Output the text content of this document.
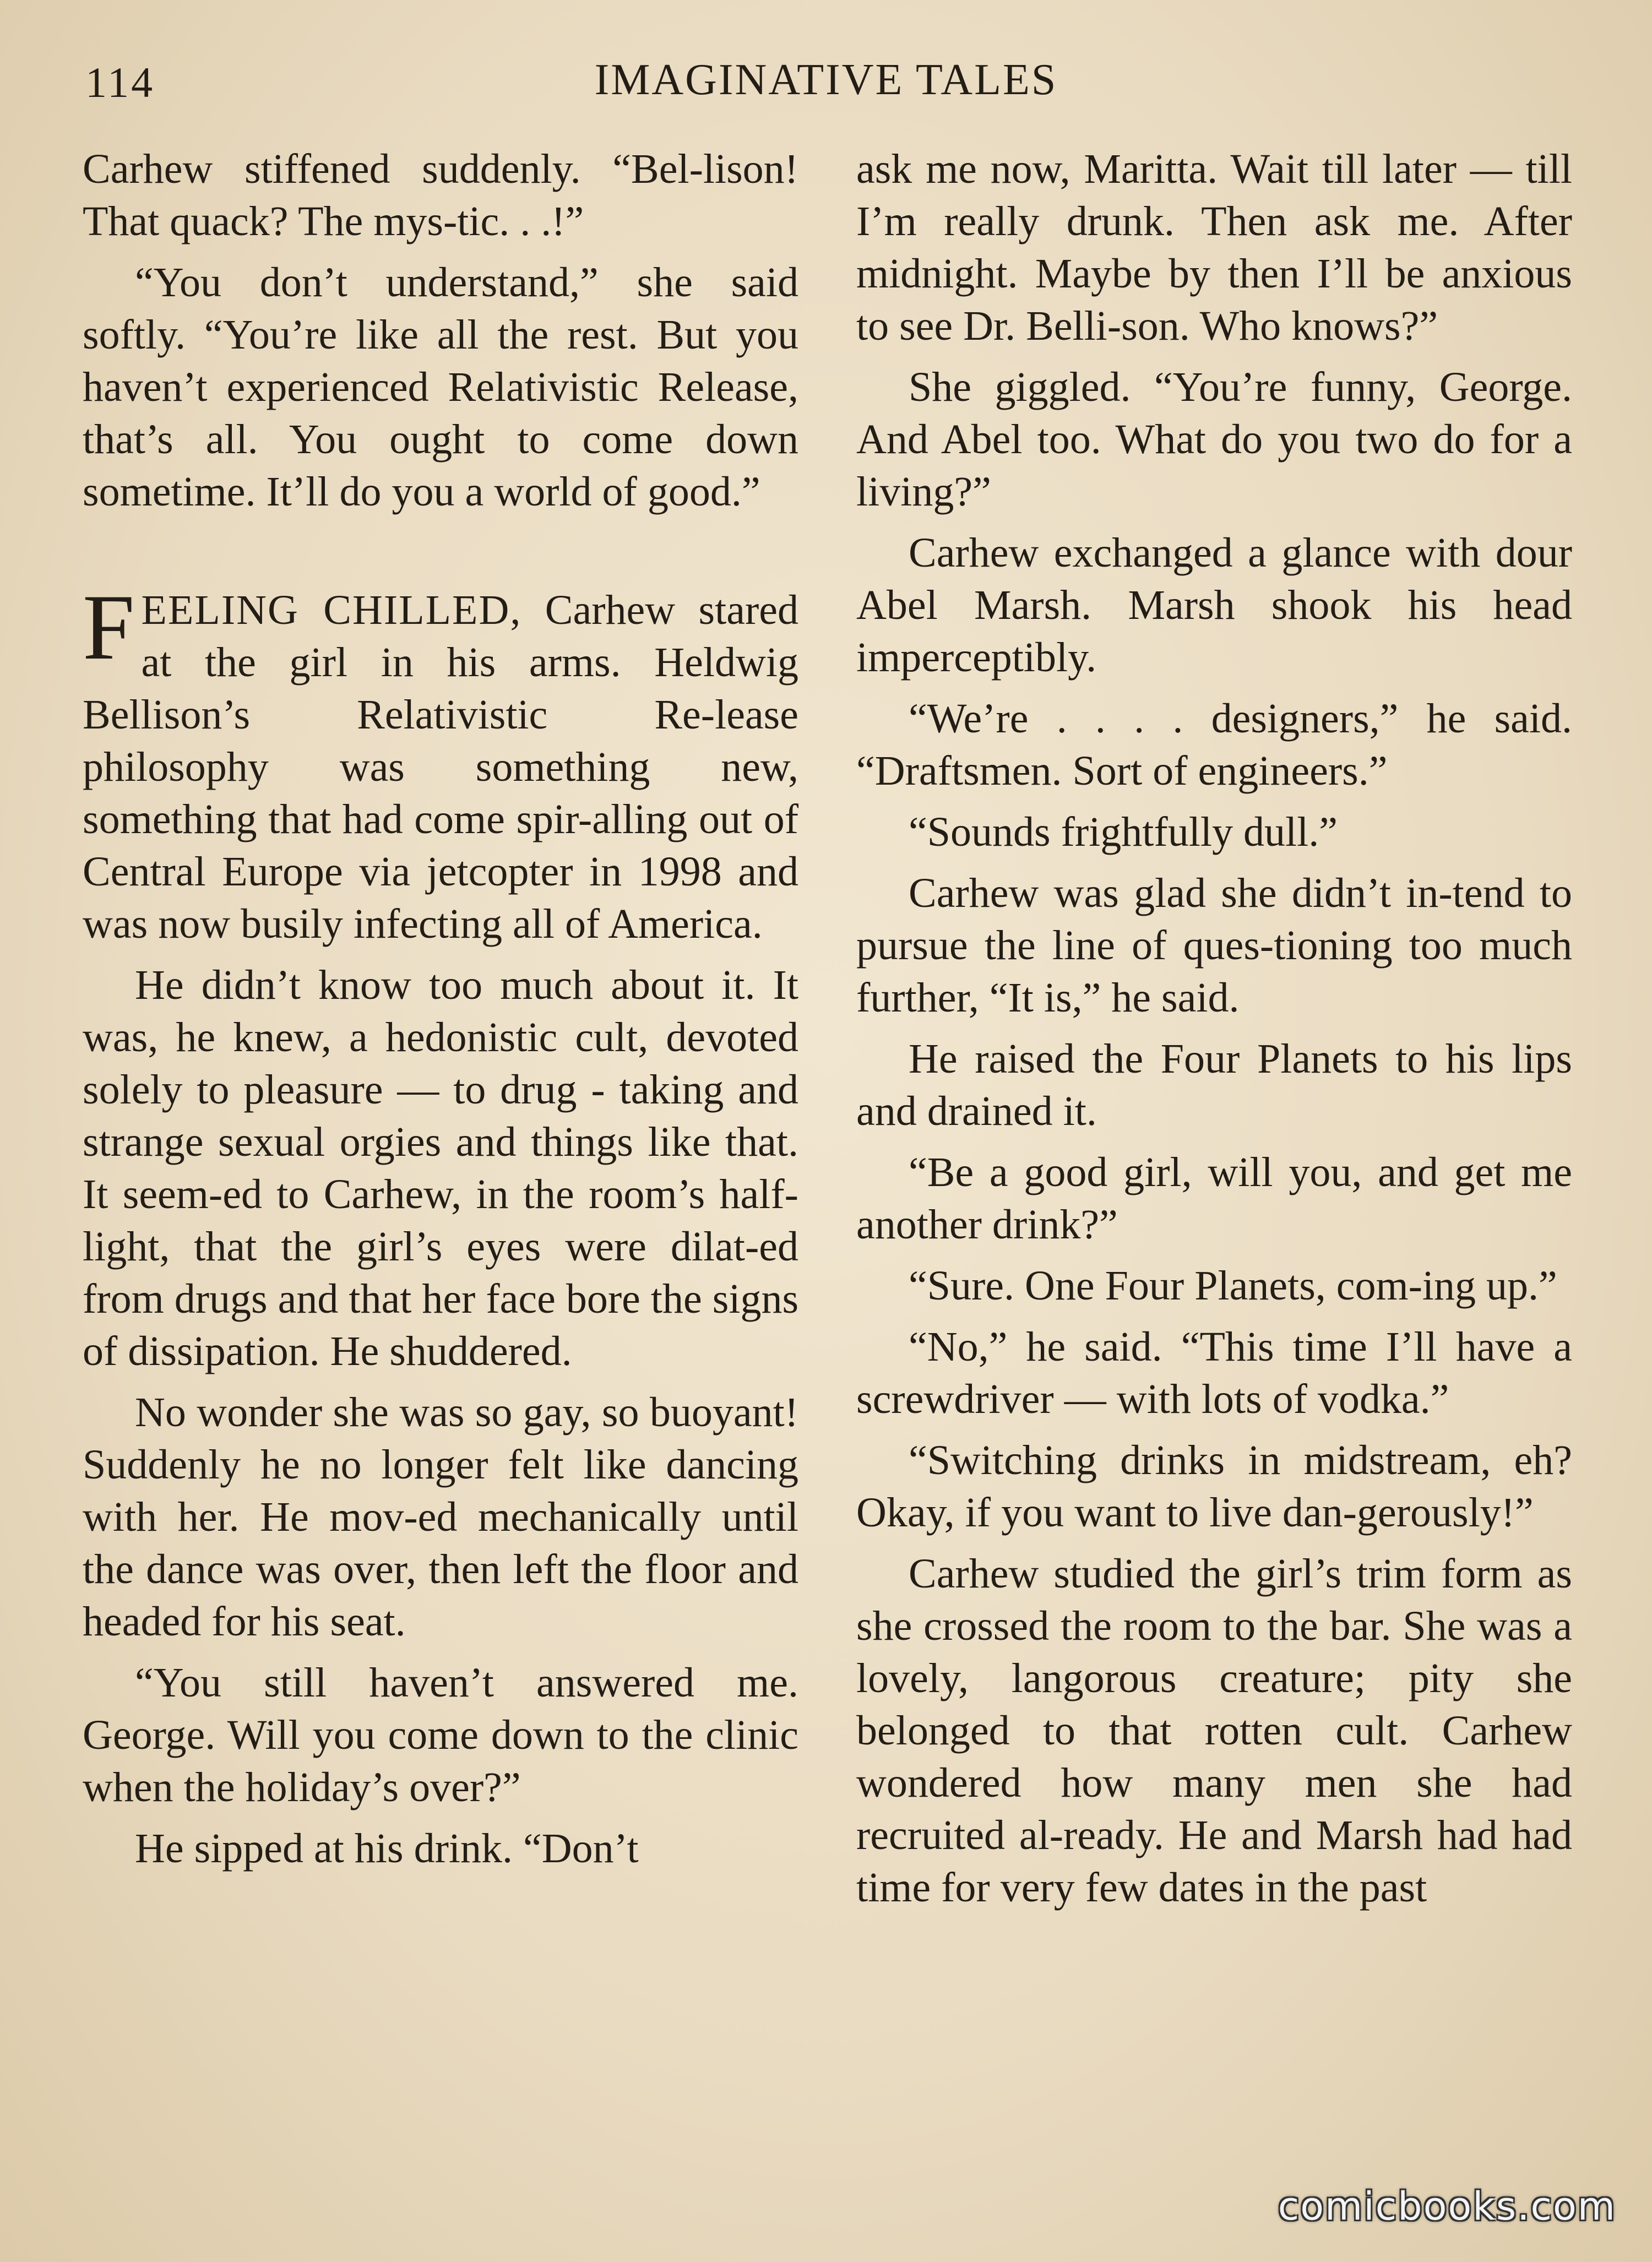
114	IMAGINATIVE TALES

Carhew stiffened suddenly. “Bel-lison! That quack? The mys-tic. . .!”

“You don’t understand,” she said softly. “You’re like all the rest. But you haven’t experienced Relativistic Release, that’s all. You ought to come down sometime. It’ll do you a world of good.”

FEELING CHILLED, Carhew stared at the girl in his arms. Heldwig Bellison’s Relativistic Re-lease philosophy was something new, something that had come spir-alling out of Central Europe via jetcopter in 1998 and was now busily infecting all of America.

He didn’t know too much about it. It was, he knew, a hedonistic cult, devoted solely to pleasure — to drug - taking and strange sexual orgies and things like that. It seem-ed to Carhew, in the room’s half-light, that the girl’s eyes were dilat-ed from drugs and that her face bore the signs of dissipation. He shuddered.

No wonder she was so gay, so buoyant! Suddenly he no longer felt like dancing with her. He mov-ed mechanically until the dance was over, then left the floor and headed for his seat.

“You still haven’t answered me. George. Will you come down to the clinic when the holiday’s over?”

He sipped at his drink. “Don’t

ask me now, Maritta. Wait till later — till I’m really drunk. Then ask me. After midnight. Maybe by then I’ll be anxious to see Dr. Belli-son. Who knows?”

She giggled. “You’re funny, George. And Abel too. What do you two do for a living?”

Carhew exchanged a glance with dour Abel Marsh. Marsh shook his head imperceptibly.

“We’re . . . . designers,” he said. “Draftsmen. Sort of engineers.”

“Sounds frightfully dull.”

Carhew was glad she didn’t in-tend to pursue the line of ques-tioning too much further, “It is,” he said.

He raised the Four Planets to his lips and drained it.

“Be a good girl, will you, and get me another drink?”

“Sure. One Four Planets, com-ing up.”

“No,” he said. “This time I’ll have a screwdriver — with lots of vodka.”

“Switching drinks in midstream, eh? Okay, if you want to live dan-gerously!”

Carhew studied the girl’s trim form as she crossed the room to the bar. She was a lovely, langorous creature; pity she belonged to that rotten cult. Carhew wondered how many men she had recruited al-ready. He and Marsh had had time for very few dates in the past

comicbooks.com
